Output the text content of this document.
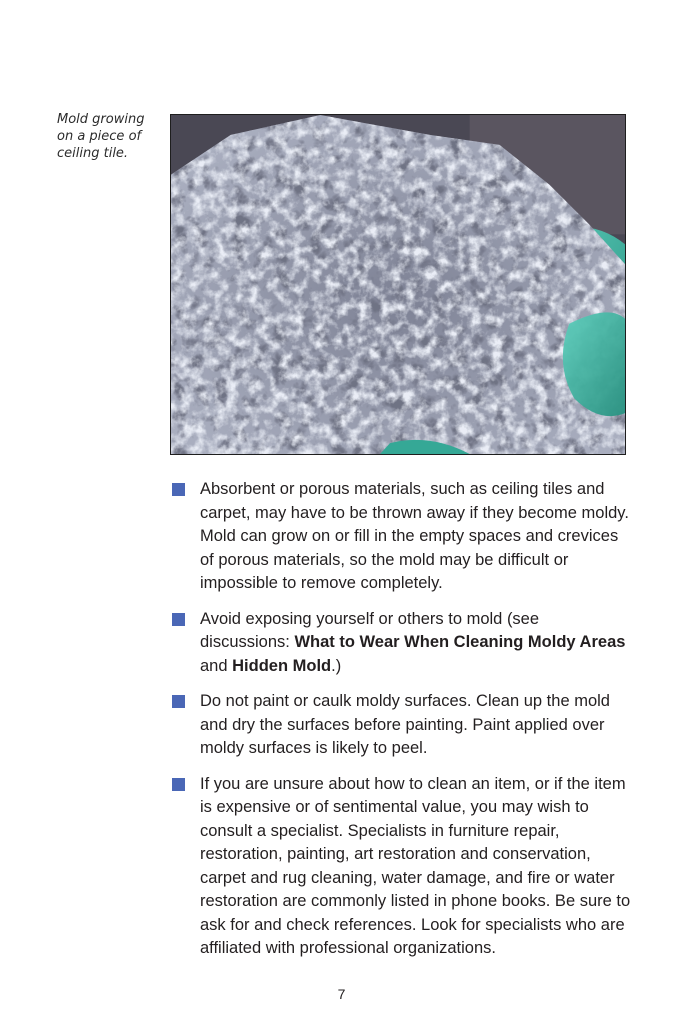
Mold growing
on a piece of
ceiling tile.

Absorbent or porous materials, such as ceiling tiles and carpet, may have to be thrown away if they become moldy. Mold can grow on or fill in the empty spaces and crevices of porous materials, so the mold may be difficult or impossible to remove completely.

Avoid exposing yourself or others to mold (see discussions: What to Wear When Cleaning Moldy Areas and Hidden Mold.)

Do not paint or caulk moldy surfaces. Clean up the mold and dry the surfaces before painting. Paint applied over moldy surfaces is likely to peel.

If you are unsure about how to clean an item, or if the item is expensive or of sentimental value, you may wish to consult a specialist. Specialists in furniture repair, restoration, painting, art restoration and conservation, carpet and rug cleaning, water damage, and fire or water restoration are commonly listed in phone books. Be sure to ask for and check references. Look for specialists who are affiliated with professional organizations.

7
